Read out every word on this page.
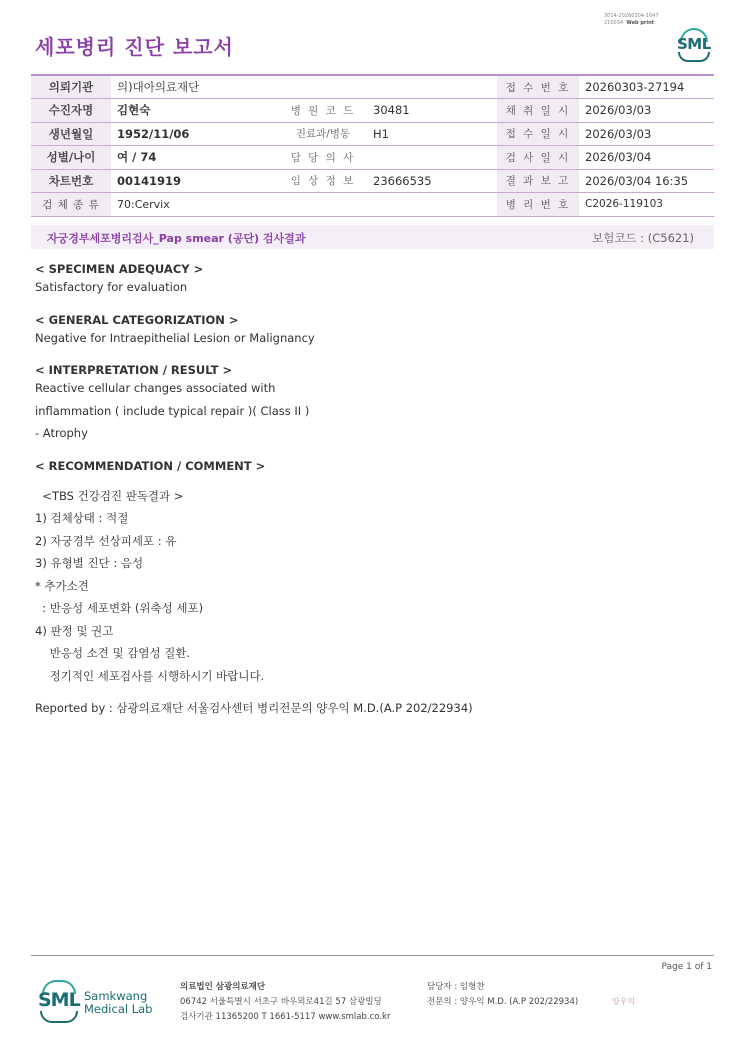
3014-20260304-1647
210034 Web print
세포병리 진단 보고서	SML
의뢰기관	의)대아의료재단			접 수 번 호	20260303-27194
수진자명	김현숙	병 원 코 드	30481	채 취 일 시	2026/03/03
생년월일	1952/11/06	진료과/병동	H1	접 수 일 시	2026/03/03
성별/나이	여 / 74	담 당 의 사		검 사 일 시	2026/03/04
차트번호	00141919	임 상 정 보	23666535	결 과 보 고	2026/03/04 16:35
검 체 종 류	70:Cervix			병 리 번 호	C2026-119103
자궁경부세포병리검사_Pap smear (공단) 검사결과	보험코드 : (C5621)
< SPECIMEN ADEQUACY >
Satisfactory for evaluation
< GENERAL CATEGORIZATION >
Negative for Intraepithelial Lesion or Malignancy
< INTERPRETATION / RESULT >
Reactive cellular changes associated with
inflammation ( include typical repair )( Class II )
- Atrophy
< RECOMMENDATION / COMMENT >
<TBS 건강검진 판독결과 >
1) 검체상태 : 적절
2) 자궁경부 선상피세포 : 유
3) 유형별 진단 : 음성
* 추가소견
: 반응성 세포변화 (위축성 세포)
4) 판정 및 권고
반응성 소견 및 감염성 질환.
정기적인 세포검사를 시행하시기 바랍니다.
Reported by : 삼광의료재단 서울검사센터 병리전문의 양우익 M.D.(A.P 202/22934)
Page 1 of 1
SML Samkwang
Medical Lab
의료법인 삼광의료재단
06742 서울특별시 서초구 바우뫼로41길 57 삼광빌딩
검사기관 11365200 T 1661-5117 www.smlab.co.kr
담당자 : 임형찬
전문의 : 양우익 M.D. (A.P 202/22934)	양우익
